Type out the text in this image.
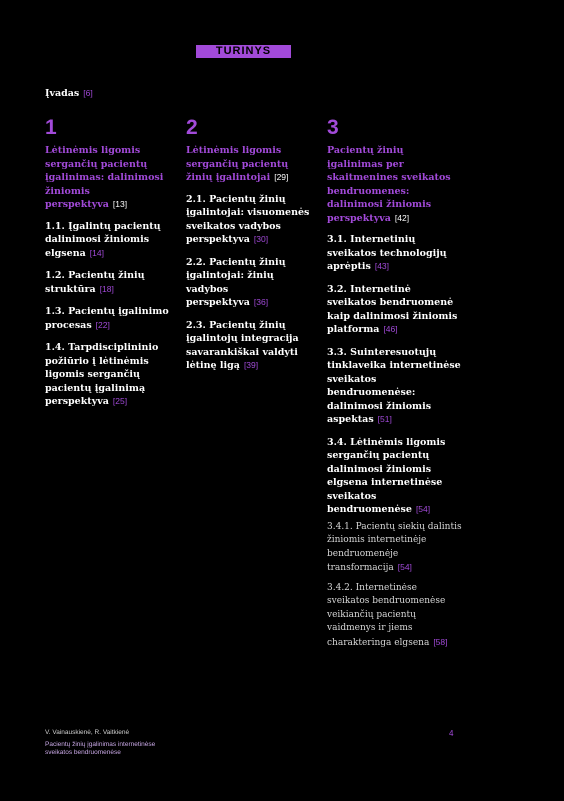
TURINYS
Įvadas [6]
1
Lėtinėmis ligomis sergančių pacientų įgalinimas: dalinimosi žiniomis perspektyva [13]
1.1. Įgalintų pacientų dalinimosi žiniomis elgsena [14]
1.2. Pacientų žinių struktūra [18]
1.3. Pacientų įgalinimo procesas [22]
1.4. Tarpdisciplininio požiūrio į lėtinėmis ligomis sergančių pacientų įgalinimą perspektyva [25]
2
Lėtinėmis ligomis sergančių pacientų žinių įgalintojai [29]
2.1. Pacientų žinių įgalintojai: visuomenės sveikatos vadybos perspektyva [30]
2.2. Pacientų žinių įgalintojai: žinių vadybos perspektyva [36]
2.3. Pacientų žinių įgalintojų integracija savarankiškai valdyti lėtinę ligą [39]
3
Pacientų žinių įgalinimas per skaitmenines sveikatos bendruomenes: dalinimosi žiniomis perspektyva [42]
3.1. Internetinių sveikatos technologijų aprėptis [43]
3.2. Internetinė sveikatos bendruomenė kaip dalinimosi žiniomis platforma [46]
3.3. Suinteresuotųjų tinklaveika internetinėse sveikatos bendruomenėse: dalinimosi žiniomis aspektas [51]
3.4. Lėtinėmis ligomis sergančių pacientų dalinimosi žiniomis elgsena internetinėse sveikatos bendruomenėse [54]
3.4.1. Pacientų siekių dalintis žiniomis internetinėje bendruomenėje transformacija [54]
3.4.2. Internetinėse sveikatos bendruomenėse veikiančių pacientų vaidmenys ir jiems charakteringa elgsena [58]
V. Vainauskienė, R. Vaitkienė
Pacientų žinių įgalinimas internetinėse
sveikatos bendruomenėse
4
